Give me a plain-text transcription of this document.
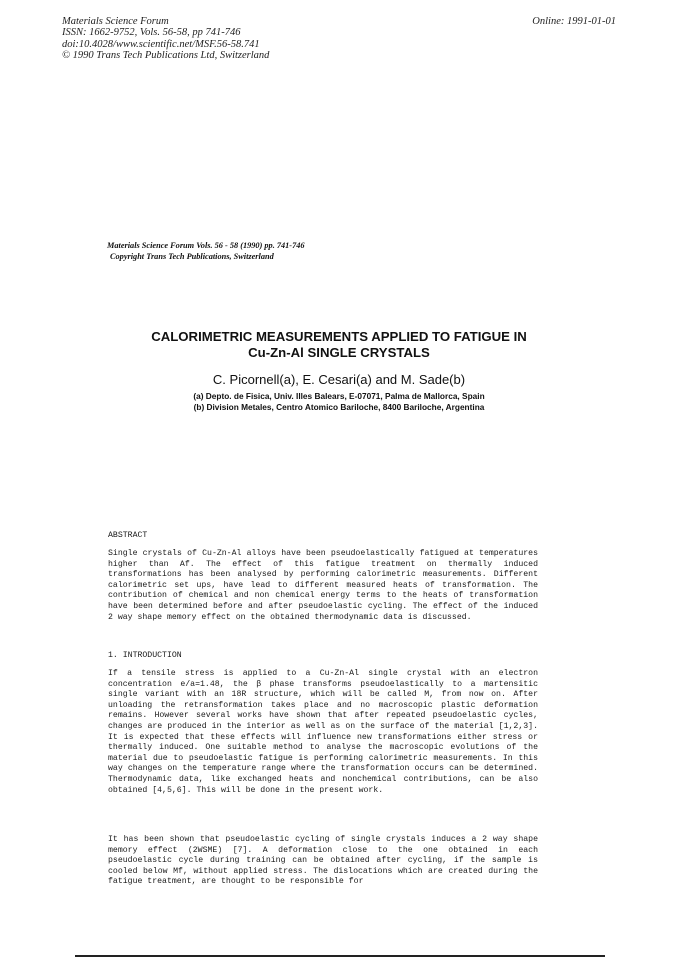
Materials Science Forum
ISSN: 1662-9752, Vols. 56-58, pp 741-746
doi:10.4028/www.scientific.net/MSF.56-58.741
© 1990 Trans Tech Publications Ltd, Switzerland
Online: 1991-01-01
Materials Science Forum Vols. 56 - 58 (1990) pp. 741-746
Copyright Trans Tech Publications, Switzerland
CALORIMETRIC MEASUREMENTS APPLIED TO FATIGUE IN
Cu-Zn-Al SINGLE CRYSTALS
C. Picornell(a), E. Cesari(a) and M. Sade(b)
(a) Depto. de Fisica, Univ. Illes Balears, E-07071, Palma de Mallorca, Spain
(b) Division Metales, Centro Atomico Bariloche, 8400 Bariloche, Argentina
ABSTRACT
Single crystals of Cu-Zn-Al alloys have been pseudoelastically fatigued at temperatures higher than Af. The effect of this fatigue treatment on thermally induced transformations has been analysed by performing calorimetric measurements. Different calorimetric set ups, have lead to different measured heats of transformation. The contribution of chemical and non chemical energy terms to the heats of transformation have been determined before and after pseudoelastic cycling. The effect of the induced 2 way shape memory effect on the obtained thermodynamic data is discussed.
1. INTRODUCTION
If a tensile stress is applied to a Cu-Zn-Al single crystal with an electron concentration e/a=1.48, the β phase transforms pseudoelastically to a martensitic single variant with an 18R structure, which will be called M, from now on. After unloading the retransformation takes place and no macroscopic plastic deformation remains. However several works have shown that after repeated pseudoelastic cycles, changes are produced in the interior as well as on the surface of the material [1,2,3]. It is expected that these effects will influence new transformations either stress or thermally induced. One suitable method to analyse the macroscopic evolutions of the material due to pseudoelastic fatigue is performing calorimetric measurements. In this way changes on the temperature range where the transformation occurs can be determined. Thermodynamic data, like exchanged heats and nonchemical contributions, can be also obtained [4,5,6]. This will be done in the present work.
It has been shown that pseudoelastic cycling of single crystals induces a 2 way shape memory effect (2WSME) [7]. A deformation close to the one obtained in each pseudoelastic cycle during training can be obtained after cycling, if the sample is cooled below Mf, without applied stress. The dislocations which are created during the fatigue treatment, are thought to be responsible for
